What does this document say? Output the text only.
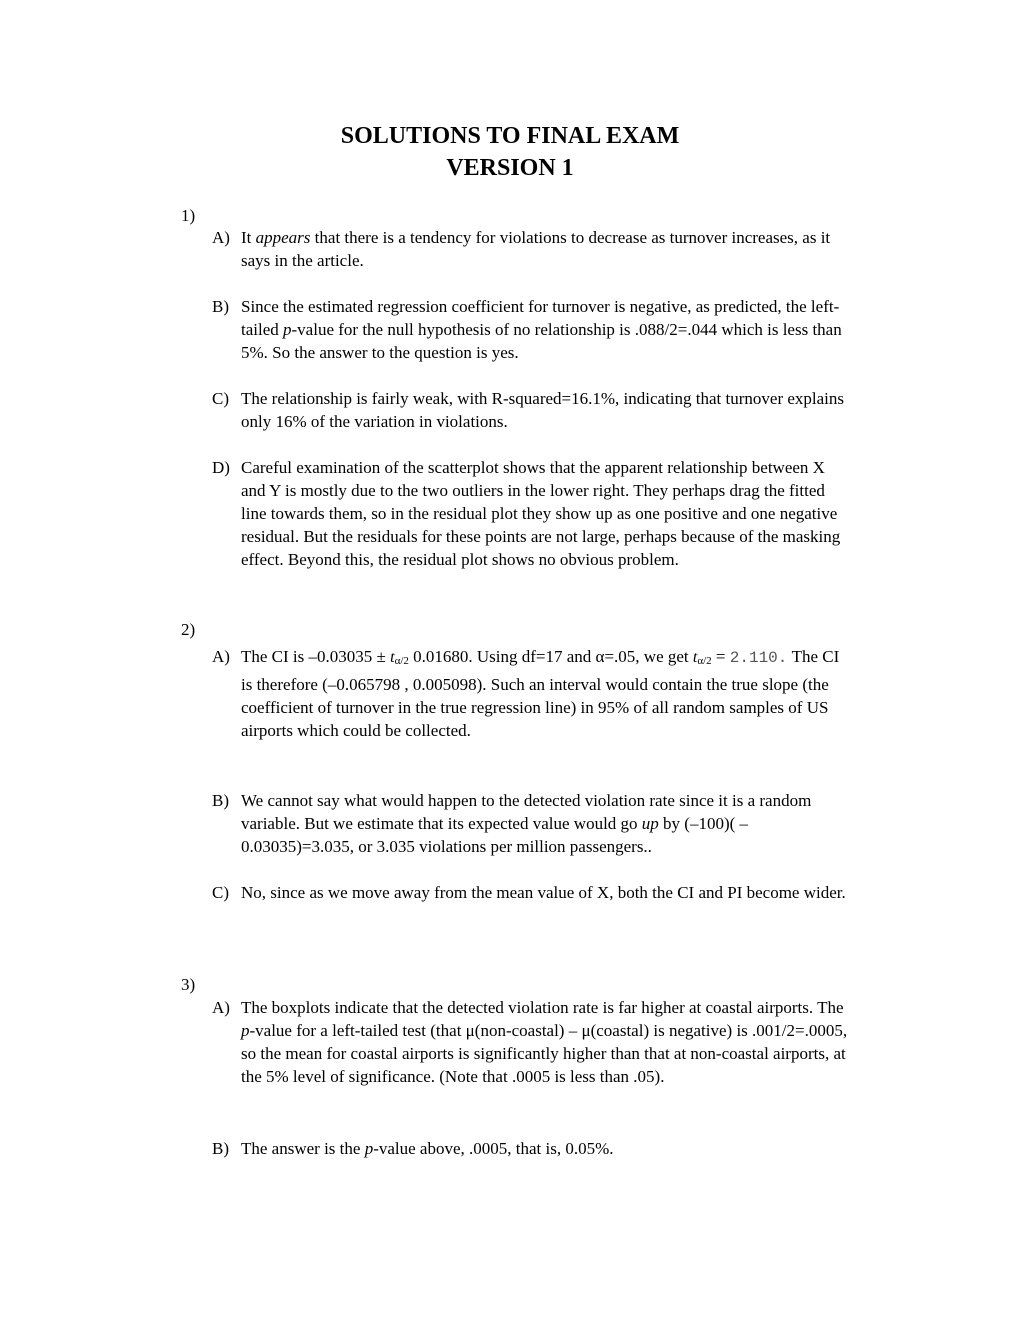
SOLUTIONS TO FINAL EXAM
VERSION 1
1)
A) It appears that there is a tendency for violations to decrease as turnover increases, as it says in the article.
B) Since the estimated regression coefficient for turnover is negative, as predicted, the left-tailed p-value for the null hypothesis of no relationship is .088/2=.044 which is less than 5%. So the answer to the question is yes.
C) The relationship is fairly weak, with R-squared=16.1%, indicating that turnover explains only 16% of the variation in violations.
D) Careful examination of the scatterplot shows that the apparent relationship between X and Y is mostly due to the two outliers in the lower right. They perhaps drag the fitted line towards them, so in the residual plot they show up as one positive and one negative residual. But the residuals for these points are not large, perhaps because of the masking effect. Beyond this, the residual plot shows no obvious problem.
2)
A) The CI is –0.03035 ± tα/2 0.01680. Using df=17 and α=.05, we get tα/2 = 2.110. The CI is therefore (–0.065798 , 0.005098). Such an interval would contain the true slope (the coefficient of turnover in the true regression line) in 95% of all random samples of US airports which could be collected.
B) We cannot say what would happen to the detected violation rate since it is a random variable. But we estimate that its expected value would go up by (–100)( –0.03035)=3.035, or 3.035 violations per million passengers..
C) No, since as we move away from the mean value of X, both the CI and PI become wider.
3)
A) The boxplots indicate that the detected violation rate is far higher at coastal airports. The p-value for a left-tailed test (that μ(non-coastal) – μ(coastal) is negative) is .001/2=.0005, so the mean for coastal airports is significantly higher than that at non-coastal airports, at the 5% level of significance. (Note that .0005 is less than .05).
B) The answer is the p-value above, .0005, that is, 0.05%.
